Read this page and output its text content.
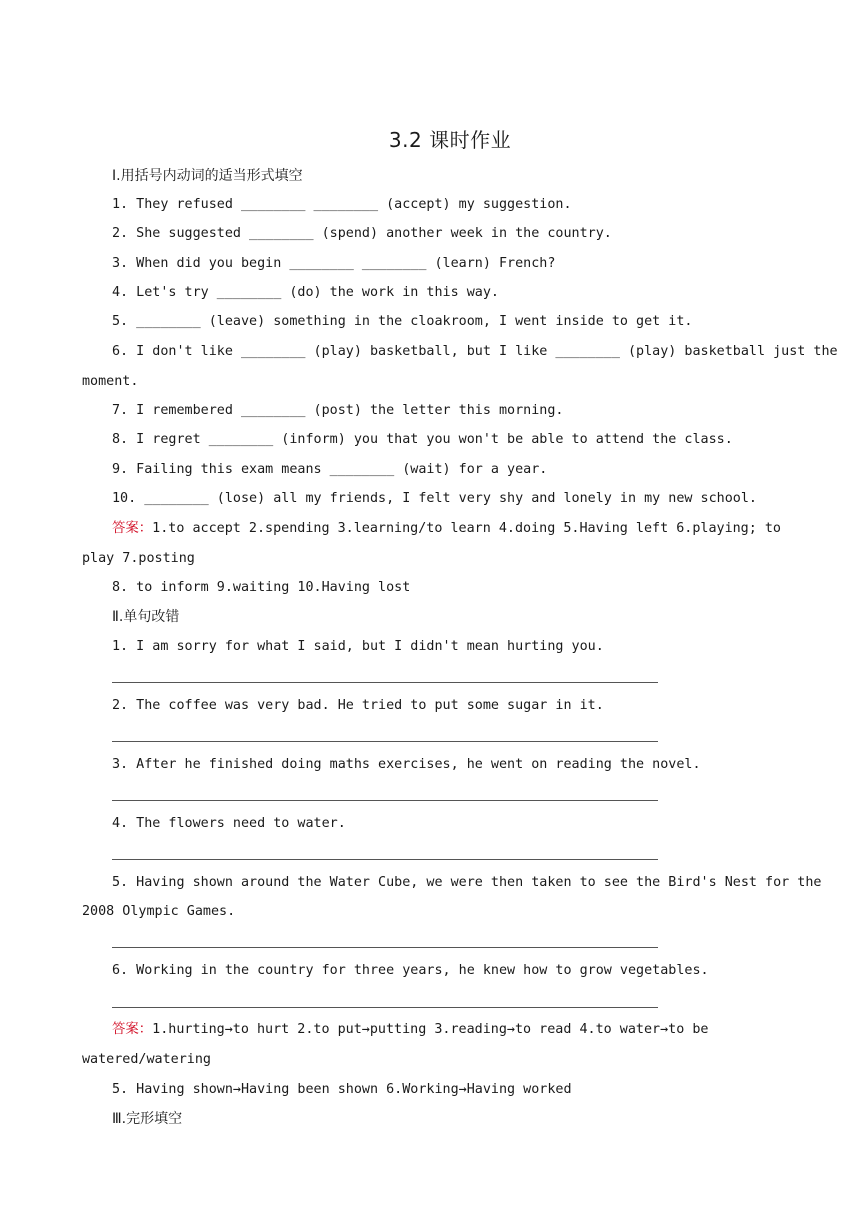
3.2 课时作业
Ⅰ.用括号内动词的适当形式填空
1. They refused ________ ________ (accept) my suggestion.
2. She suggested ________ (spend) another week in the country.
3. When did you begin ________ ________ (learn) French?
4. Let's try ________ (do) the work in this way.
5. ________ (leave) something in the cloakroom, I went inside to get it.
6. I don't like ________ (play) basketball, but I like ________ (play) basketball just the
moment.
7. I remembered ________ (post) the letter this morning.
8. I regret ________ (inform) you that you won't be able to attend the class.
9. Failing this exam means ________ (wait) for a year.
10. ________ (lose) all my friends, I felt very shy and lonely in my new school.
答案：1.to accept 2.spending 3.learning/to learn 4.doing 5.Having left 6.playing; to
play 7.posting
8. to inform 9.waiting 10.Having lost
Ⅱ.单句改错
1. I am sorry for what I said, but I didn't mean hurting you.
2. The coffee was very bad. He tried to put some sugar in it.
3. After he finished doing maths exercises, he went on reading the novel.
4. The flowers need to water.
5. Having shown around the Water Cube, we were then taken to see the Bird's Nest for the
2008 Olympic Games.
6. Working in the country for three years, he knew how to grow vegetables.
答案：1.hurting→to hurt 2.to put→putting 3.reading→to read 4.to water→to be
watered/watering
5. Having shown→Having been shown 6.Working→Having worked
Ⅲ.完形填空
